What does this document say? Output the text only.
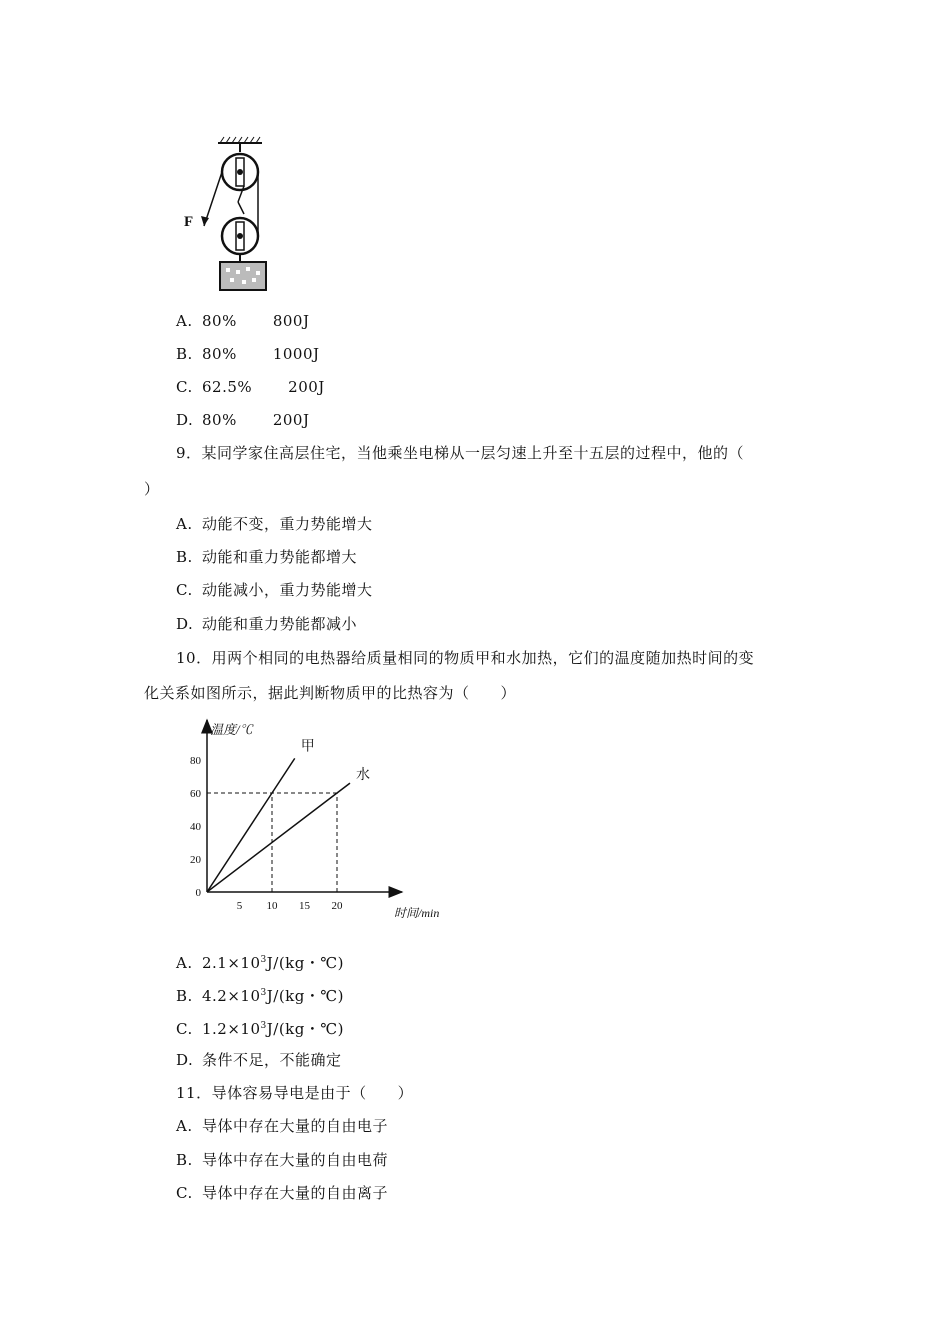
F
A. 80% 800J
B. 80% 1000J
C. 62.5% 200J
D. 80% 200J
9．某同学家住高层住宅，当他乘坐电梯从一层匀速上升至十五层的过程中，他的（
）
A. 动能不变，重力势能增大
B. 动能和重力势能都增大
C. 动能减小，重力势能增大
D. 动能和重力势能都减小
10．用两个相同的电热器给质量相同的物质甲和水加热，它们的温度随加热时间的变
化关系如图所示，据此判断物质甲的比热容为（　　）
温度/℃
时间/min
0
20
40
60
80
5 10 15 20
甲
水
A. $2.1\times 10^3J/(kg$・℃)
B. $4.2\times 10^3J/(kg$・℃)
C. $1.2\times 10^3J/(kg$・℃)
D. 条件不足，不能确定
11．导体容易导电是由于（　　）
A. 导体中存在大量的自由电子
B. 导体中存在大量的自由电荷
C. 导体中存在大量的自由离子
